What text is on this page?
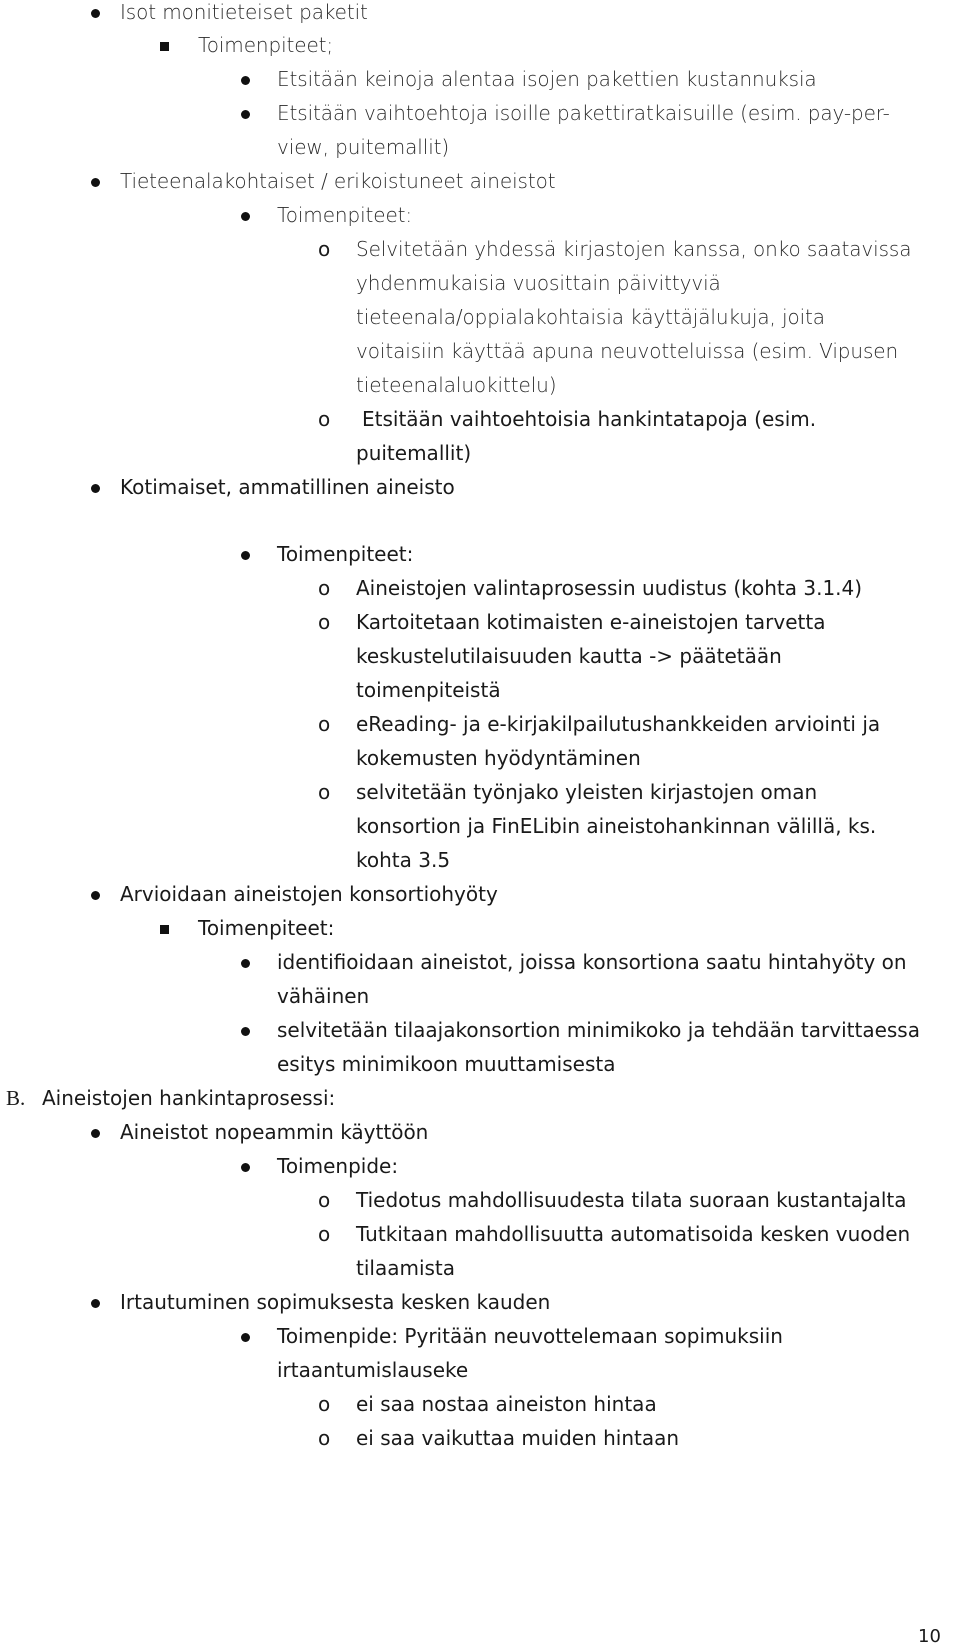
Isot monitieteiset paketit
Toimenpiteet;
Etsitään keinoja alentaa isojen pakettien kustannuksia
Etsitään vaihtoehtoja isoille pakettiratkaisuille (esim. pay-per-
view, puitemallit)
Tieteenalakohtaiset / erikoistuneet aineistot
Toimenpiteet:
o Selvitetään yhdessä kirjastojen kanssa, onko saatavissa
yhdenmukaisia vuosittain päivittyviä
tieteenala/oppialakohtaisia käyttäjälukuja, joita
voitaisiin käyttää apuna neuvotteluissa (esim. Vipusen
tieteenalaluokittelu)
o Etsitään vaihtoehtoisia hankintatapoja (esim.
puitemallit)
Kotimaiset, ammatillinen aineisto
Toimenpiteet:
o Aineistojen valintaprosessin uudistus (kohta 3.1.4)
o Kartoitetaan kotimaisten e-aineistojen tarvetta
keskustelutilaisuuden kautta -> päätetään
toimenpiteistä
o eReading- ja e-kirjakilpailutushankkeiden arviointi ja
kokemusten hyödyntäminen
o selvitetään työnjako yleisten kirjastojen oman
konsortion ja FinELibin aineistohankinnan välillä, ks.
kohta 3.5
Arvioidaan aineistojen konsortiohyöty
Toimenpiteet:
identifioidaan aineistot, joissa konsortiona saatu hintahyöty on
vähäinen
selvitetään tilaajakonsortion minimikoko ja tehdään tarvittaessa
esitys minimikoon muuttamisesta
B. Aineistojen hankintaprosessi:
Aineistot nopeammin käyttöön
Toimenpide:
o Tiedotus mahdollisuudesta tilata suoraan kustantajalta
o Tutkitaan mahdollisuutta automatisoida kesken vuoden
tilaamista
Irtautuminen sopimuksesta kesken kauden
Toimenpide: Pyritään neuvottelemaan sopimuksiin
irtaantumislauseke
o ei saa nostaa aineiston hintaa
o ei saa vaikuttaa muiden hintaan
10
